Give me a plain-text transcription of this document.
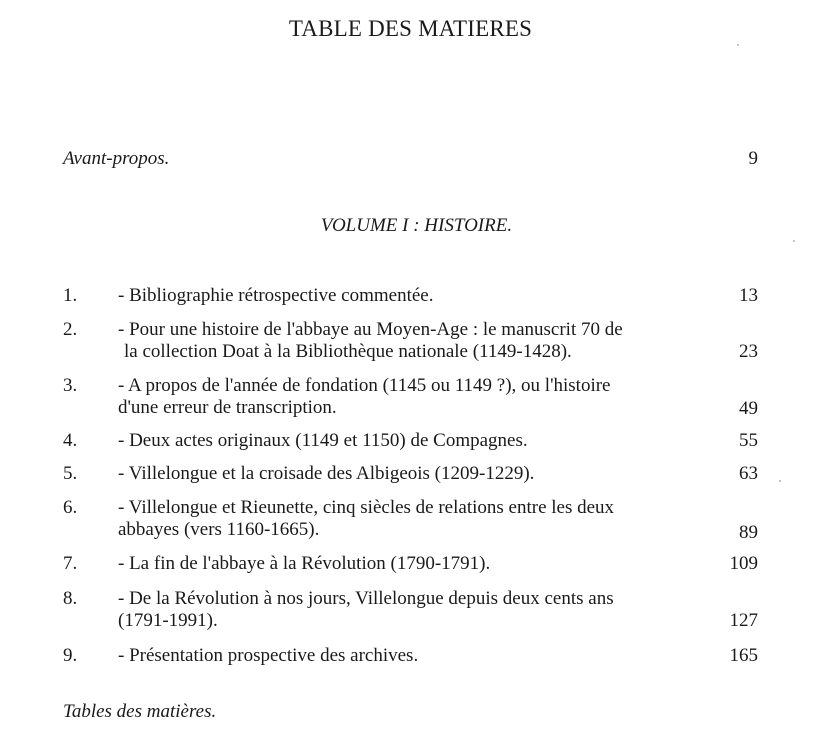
TABLE DES MATIERES
Avant-propos.	9
VOLUME I : HISTOIRE.
1. - Bibliographie rétrospective commentée.	13
2. - Pour une histoire de l'abbaye au Moyen-Age : le manuscrit 70 de
la collection Doat à la Bibliothèque nationale (1149-1428).	23
3. - A propos de l'année de fondation (1145 ou 1149 ?), ou l'histoire
d'une erreur de transcription.	49
4. - Deux actes originaux (1149 et 1150) de Compagnes.	55
5. - Villelongue et la croisade des Albigeois (1209-1229).	63
6. - Villelongue et Rieunette, cinq siècles de relations entre les deux
abbayes (vers 1160-1665).	89
7. - La fin de l'abbaye à la Révolution (1790-1791).	109
8. - De la Révolution à nos jours, Villelongue depuis deux cents ans
(1791-1991).	127
9. - Présentation prospective des archives.	165
Tables des matières.
